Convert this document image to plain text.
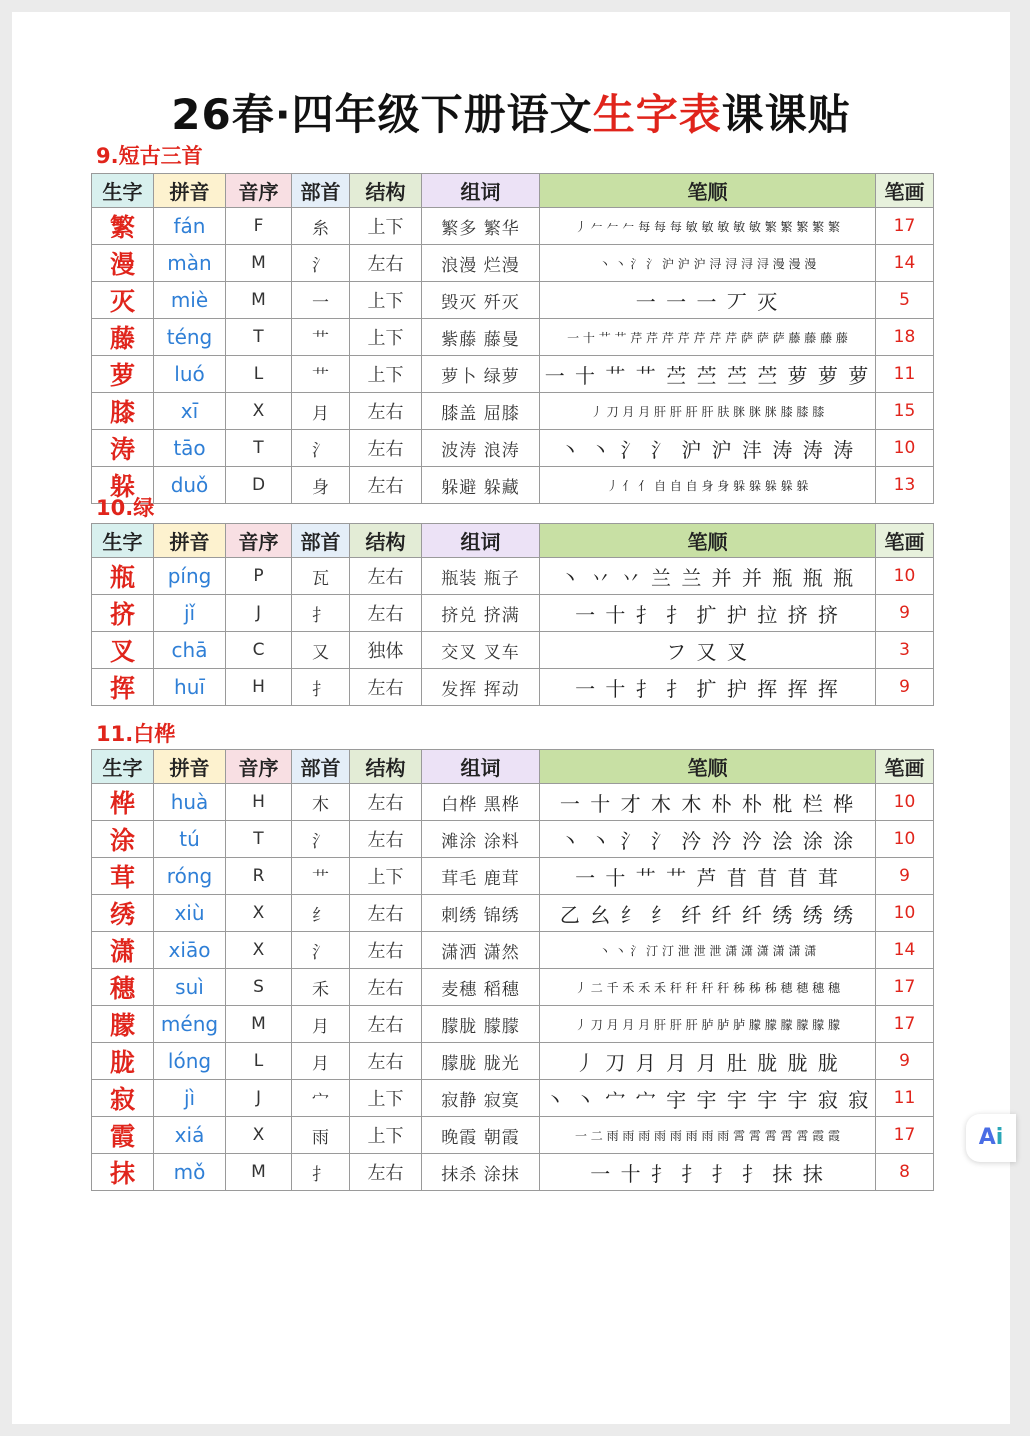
26春·四年级下册语文生字表课课贴
9.短古三首
生字	拼音	音序	部首	结构	组词	笔顺	笔画
繁	fán	F	糸	上下	繁多 繁华	丿 𠂉 𠂉 𠂉 每 每 每 敏 敏 敏 敏 敏 繁 繁 繁 繁 繁	17
漫	màn	M	氵	左右	浪漫 烂漫	丶 丶 氵 氵 沪 沪 沪 浔 浔 浔 浔 漫 漫 漫	14
灭	miè	M	一	上下	毁灭 歼灭	一 一 一 丆 灭	5
藤	téng	T	艹	上下	紫藤 藤曼	一 十 艹 艹 芹 芹 芹 芹 芹 芹 芹 萨 萨 萨 藤 藤 藤 藤	18
萝	luó	L	艹	上下	萝卜 绿萝	一 十 艹 艹 苎 苎 苎 苎 萝 萝 萝	11
膝	xī	X	月	左右	膝盖 屈膝	丿 刀 月 月 肝 肝 肝 肝 肤 脒 脒 脒 膝 膝 膝	15
涛	tāo	T	氵	左右	波涛 浪涛	丶 丶 氵 氵 沪 沪 沣 涛 涛 涛	10
躲	duǒ	D	身	左右	躲避 躲藏	丿 亻 亻 自 自 自 身 身 躲 躲 躲 躲 躲	13
10.绿
生字	拼音	音序	部首	结构	组词	笔顺	笔画
瓶	píng	P	瓦	左右	瓶装 瓶子	丶 丷 丷 兰 兰 并 并 瓶 瓶 瓶	10
挤	jǐ	J	扌	左右	挤兑 挤满	一 十 扌 扌 扩 护 拉 挤 挤	9
叉	chā	C	又	独体	交叉 叉车	フ 又 叉	3
挥	huī	H	扌	左右	发挥 挥动	一 十 扌 扌 扩 护 挥 挥 挥	9
11.白桦
生字	拼音	音序	部首	结构	组词	笔顺	笔画
桦	huà	H	木	左右	白桦 黑桦	一 十 才 木 木 朴 朴 枇 栏 桦	10
涂	tú	T	氵	左右	滩涂 涂料	丶 丶 氵 氵 汵 汵 汵 浍 涂 涂	10
茸	róng	R	艹	上下	茸毛 鹿茸	一 十 艹 艹 芦 苜 苜 苜 茸	9
绣	xiù	X	纟	左右	刺绣 锦绣	乙 幺 纟 纟 纤 纤 纤 绣 绣 绣	10
潇	xiāo	X	氵	左右	潇洒 潇然	丶 丶 氵 汀 汀 泄 泄 泄 潇 潇 潇 潇 潇 潇	14
穗	suì	S	禾	左右	麦穗 稻穗	丿 二 千 禾 禾 禾 秆 秆 秆 秆 秭 秭 秭 穂 穂 穗 穗	17
朦	méng	M	月	左右	朦胧 朦朦	丿 刀 月 月 月 肝 肝 肝 胪 胪 胪 朦 朦 朦 朦 朦 朦	17
胧	lóng	L	月	左右	朦胧 胧光	丿 刀 月 月 月 肚 胧 胧 胧	9
寂	jì	J	宀	上下	寂静 寂寞	丶 丶 宀 宀 宇 宇 宇 宇 宇 寂 寂	11
霞	xiá	X	雨	上下	晚霞 朝霞	一 二 雨 雨 雨 雨 雨 雨 雨 雨 霄 霄 霄 霄 霄 霞 霞	17
抹	mǒ	M	扌	左右	抹杀 涂抹	一 十 扌 扌 扌 扌 抹 抹	8
Ai
